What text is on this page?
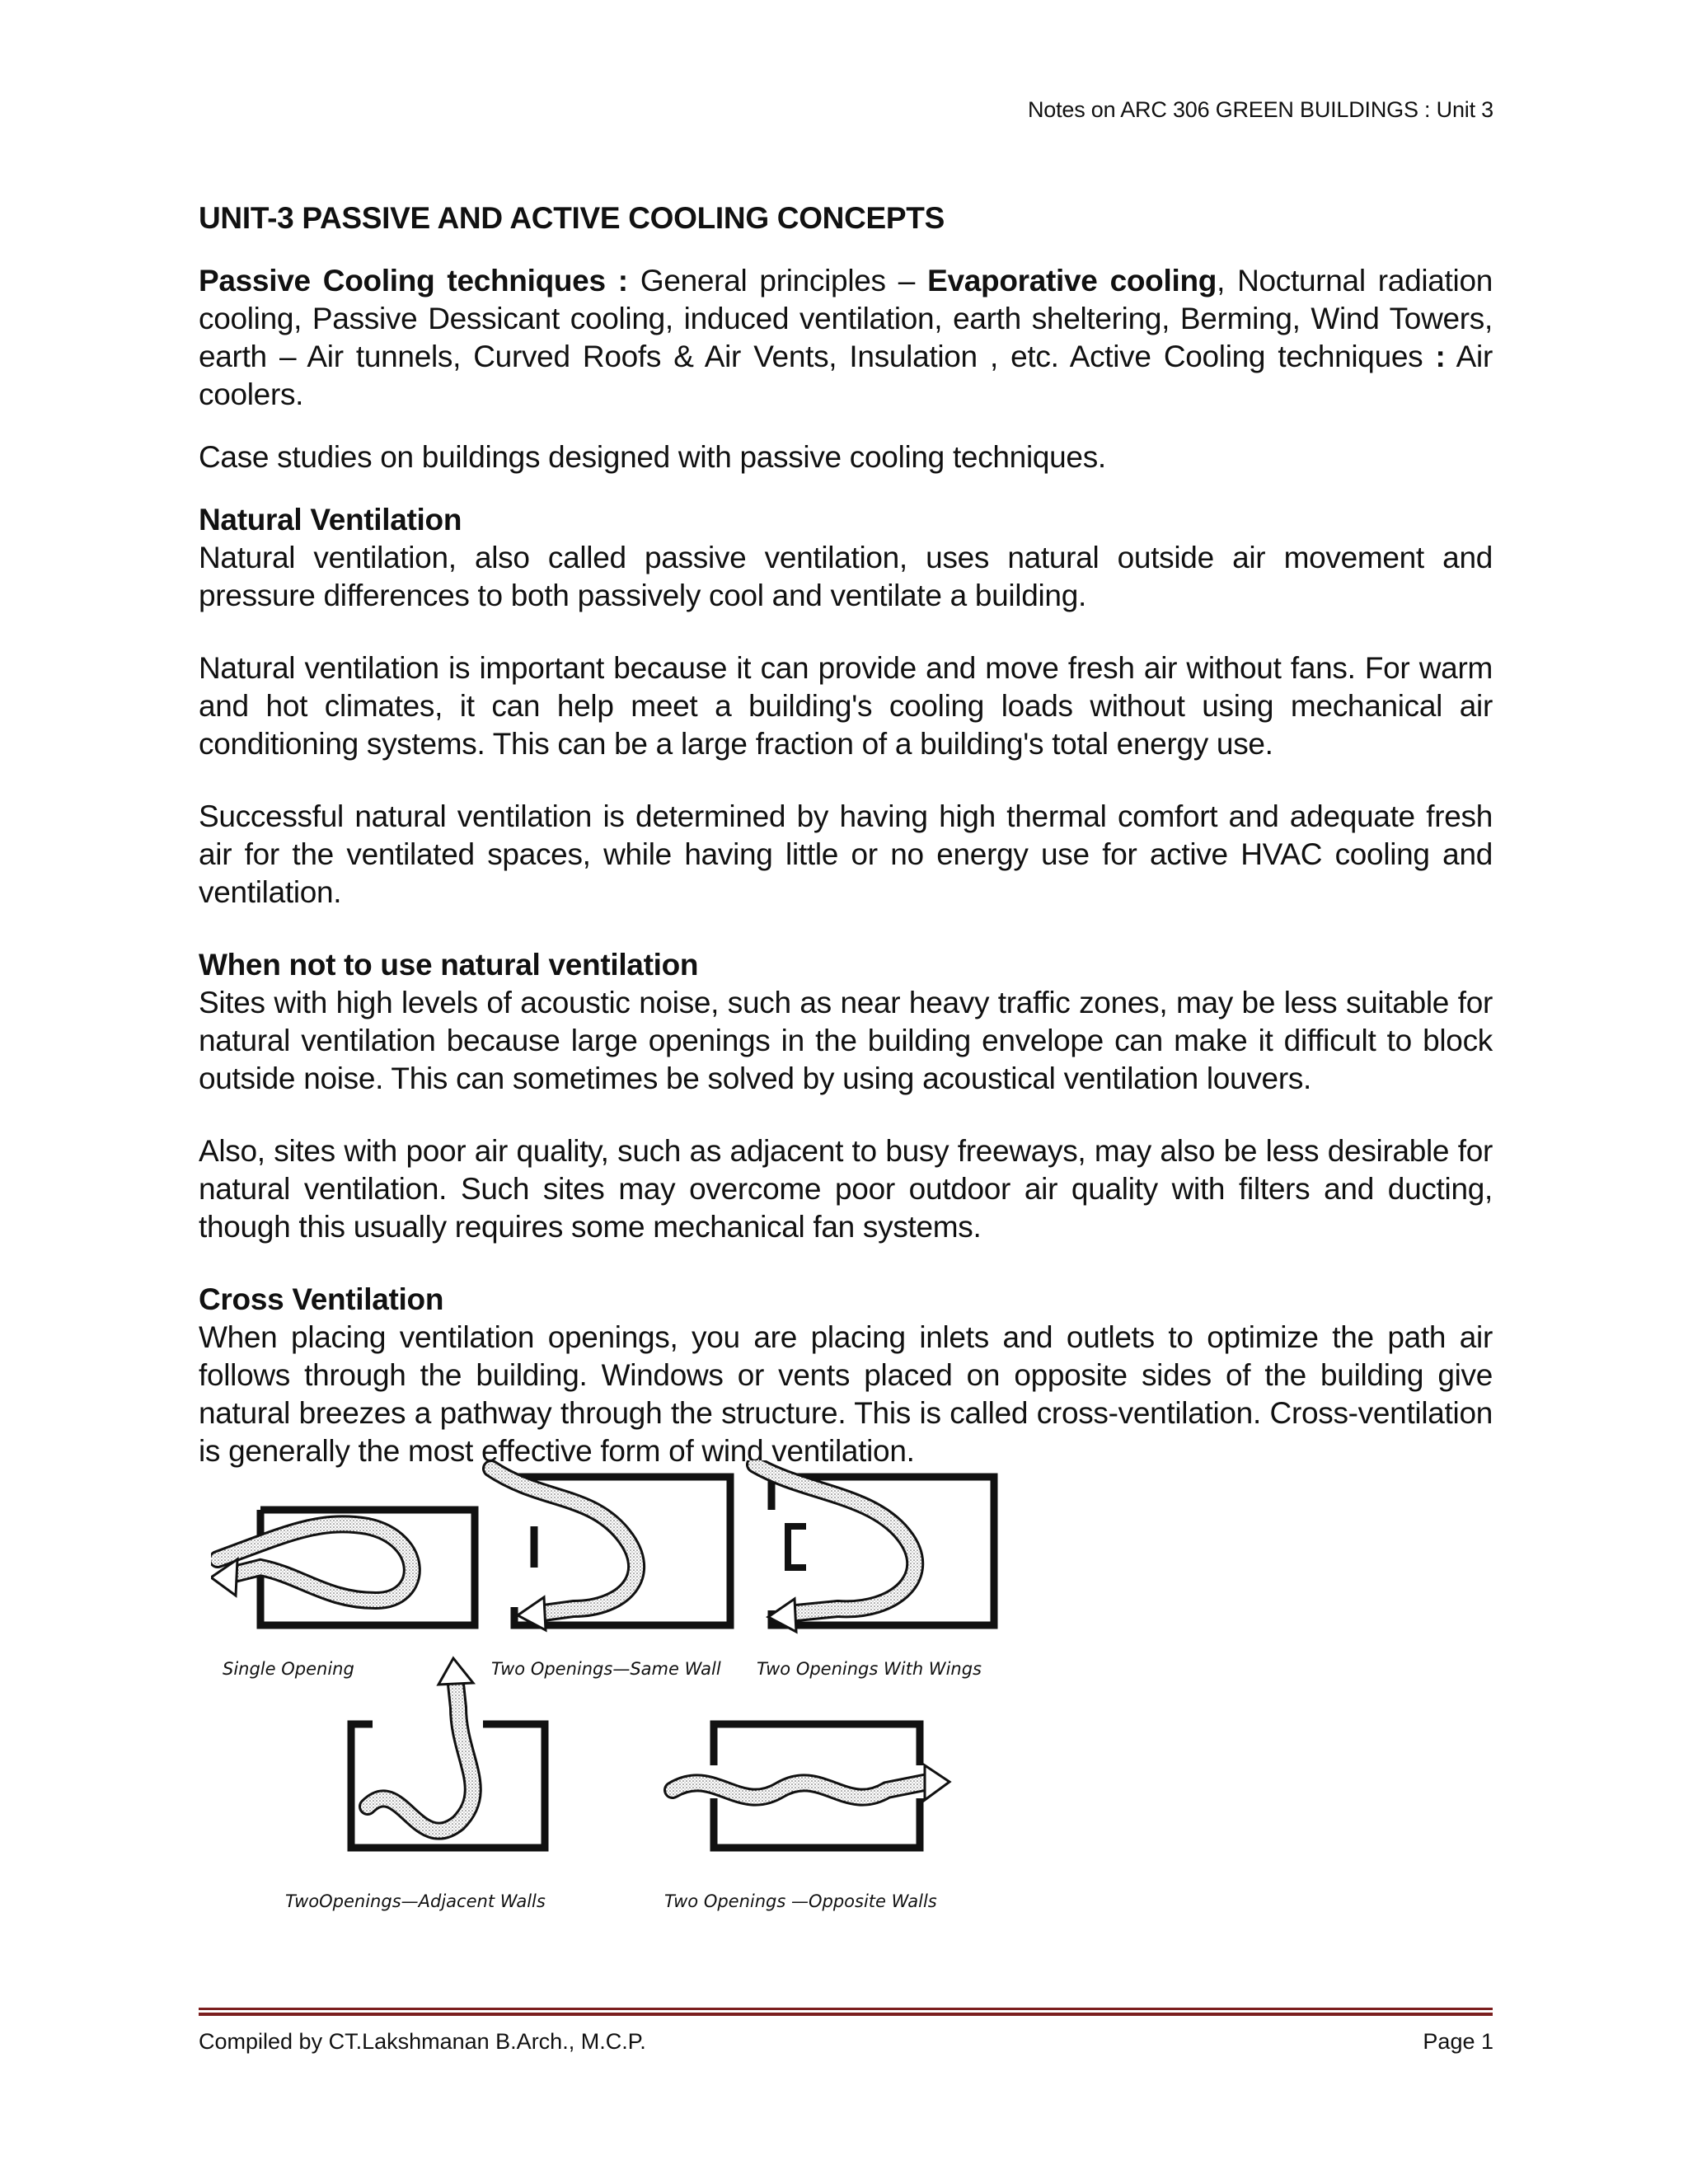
Notes on ARC 306 GREEN BUILDINGS : Unit 3

UNIT-3 PASSIVE AND ACTIVE COOLING CONCEPTS

Passive Cooling techniques : General principles – Evaporative cooling, Nocturnal radiation cooling, Passive Dessicant cooling, induced ventilation, earth sheltering, Berming, Wind Towers, earth – Air tunnels, Curved Roofs & Air Vents, Insulation , etc. Active Cooling techniques : Air coolers.

Case studies on buildings designed with passive cooling techniques.

Natural Ventilation

Natural ventilation, also called passive ventilation, uses natural outside air movement and pressure differences to both passively cool and ventilate a building.

Natural ventilation is important because it can provide and move fresh air without fans. For warm and hot climates, it can help meet a building's cooling loads without using mechanical air conditioning systems. This can be a large fraction of a building's total energy use.

Successful natural ventilation is determined by having high thermal comfort and adequate fresh air for the ventilated spaces, while having little or no energy use for active HVAC cooling and ventilation.

When not to use natural ventilation

Sites with high levels of acoustic noise, such as near heavy traffic zones, may be less suitable for natural ventilation because large openings in the building envelope can make it difficult to block outside noise. This can sometimes be solved by using acoustical ventilation louvers.

Also, sites with poor air quality, such as adjacent to busy freeways, may also be less desirable for natural ventilation. Such sites may overcome poor outdoor air quality with filters and ducting, though this usually requires some mechanical fan systems.

Cross Ventilation

When placing ventilation openings, you are placing inlets and outlets to optimize the path air follows through the building. Windows or vents placed on opposite sides of the building give natural breezes a pathway through the structure. This is called cross-ventilation. Cross-ventilation is generally the most effective form of wind ventilation.

Single Opening	Two Openings—Same Wall Two Openings With Wings
TwoOpenings—Adjacent Walls	Two Openings —Opposite Walls
Compiled by CT.Lakshmanan B.Arch., M.C.P.	Page 1
